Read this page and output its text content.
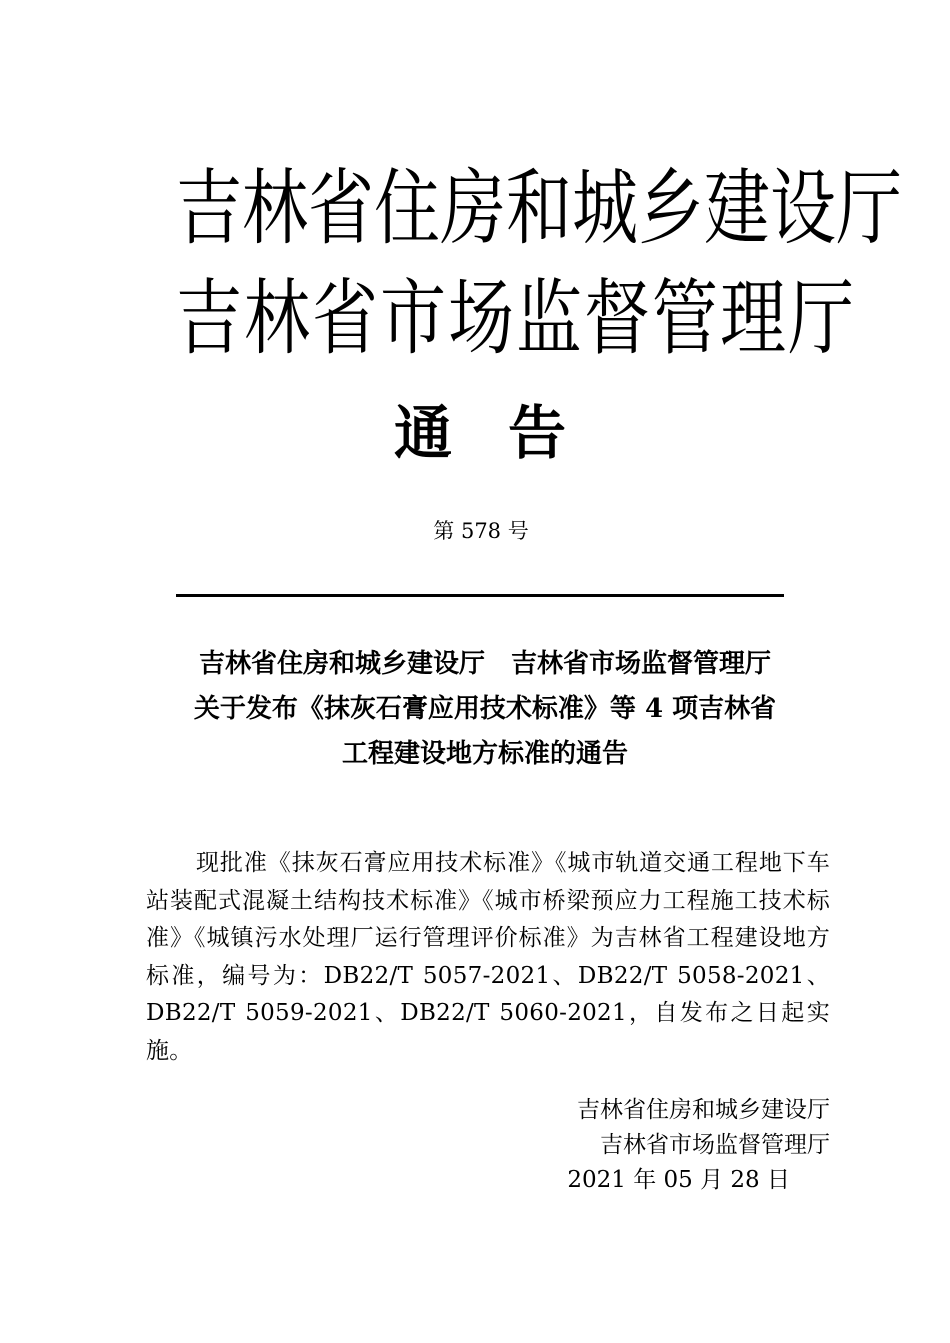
吉林省住房和城乡建设厅
吉林省市场监督管理厅
通告
第 578 号
吉林省住房和城乡建设厅　吉林省市场监督管理厅
关于发布《抹灰石膏应用技术标准》等 4 项吉林省
工程建设地方标准的通告
现批准《抹灰石膏应用技术标准》《城市轨道交通工程地下车站装配式混凝土结构技术标准》《城市桥梁预应力工程施工技术标准》《城镇污水处理厂运行管理评价标准》为吉林省工程建设地方标准，编号为：DB22/T 5057-2021、DB22/T 5058-2021、DB22/T 5059-2021、DB22/T 5060-2021，自发布之日起实施。
吉林省住房和城乡建设厅
吉林省市场监督管理厅
2021 年 05 月 28 日
